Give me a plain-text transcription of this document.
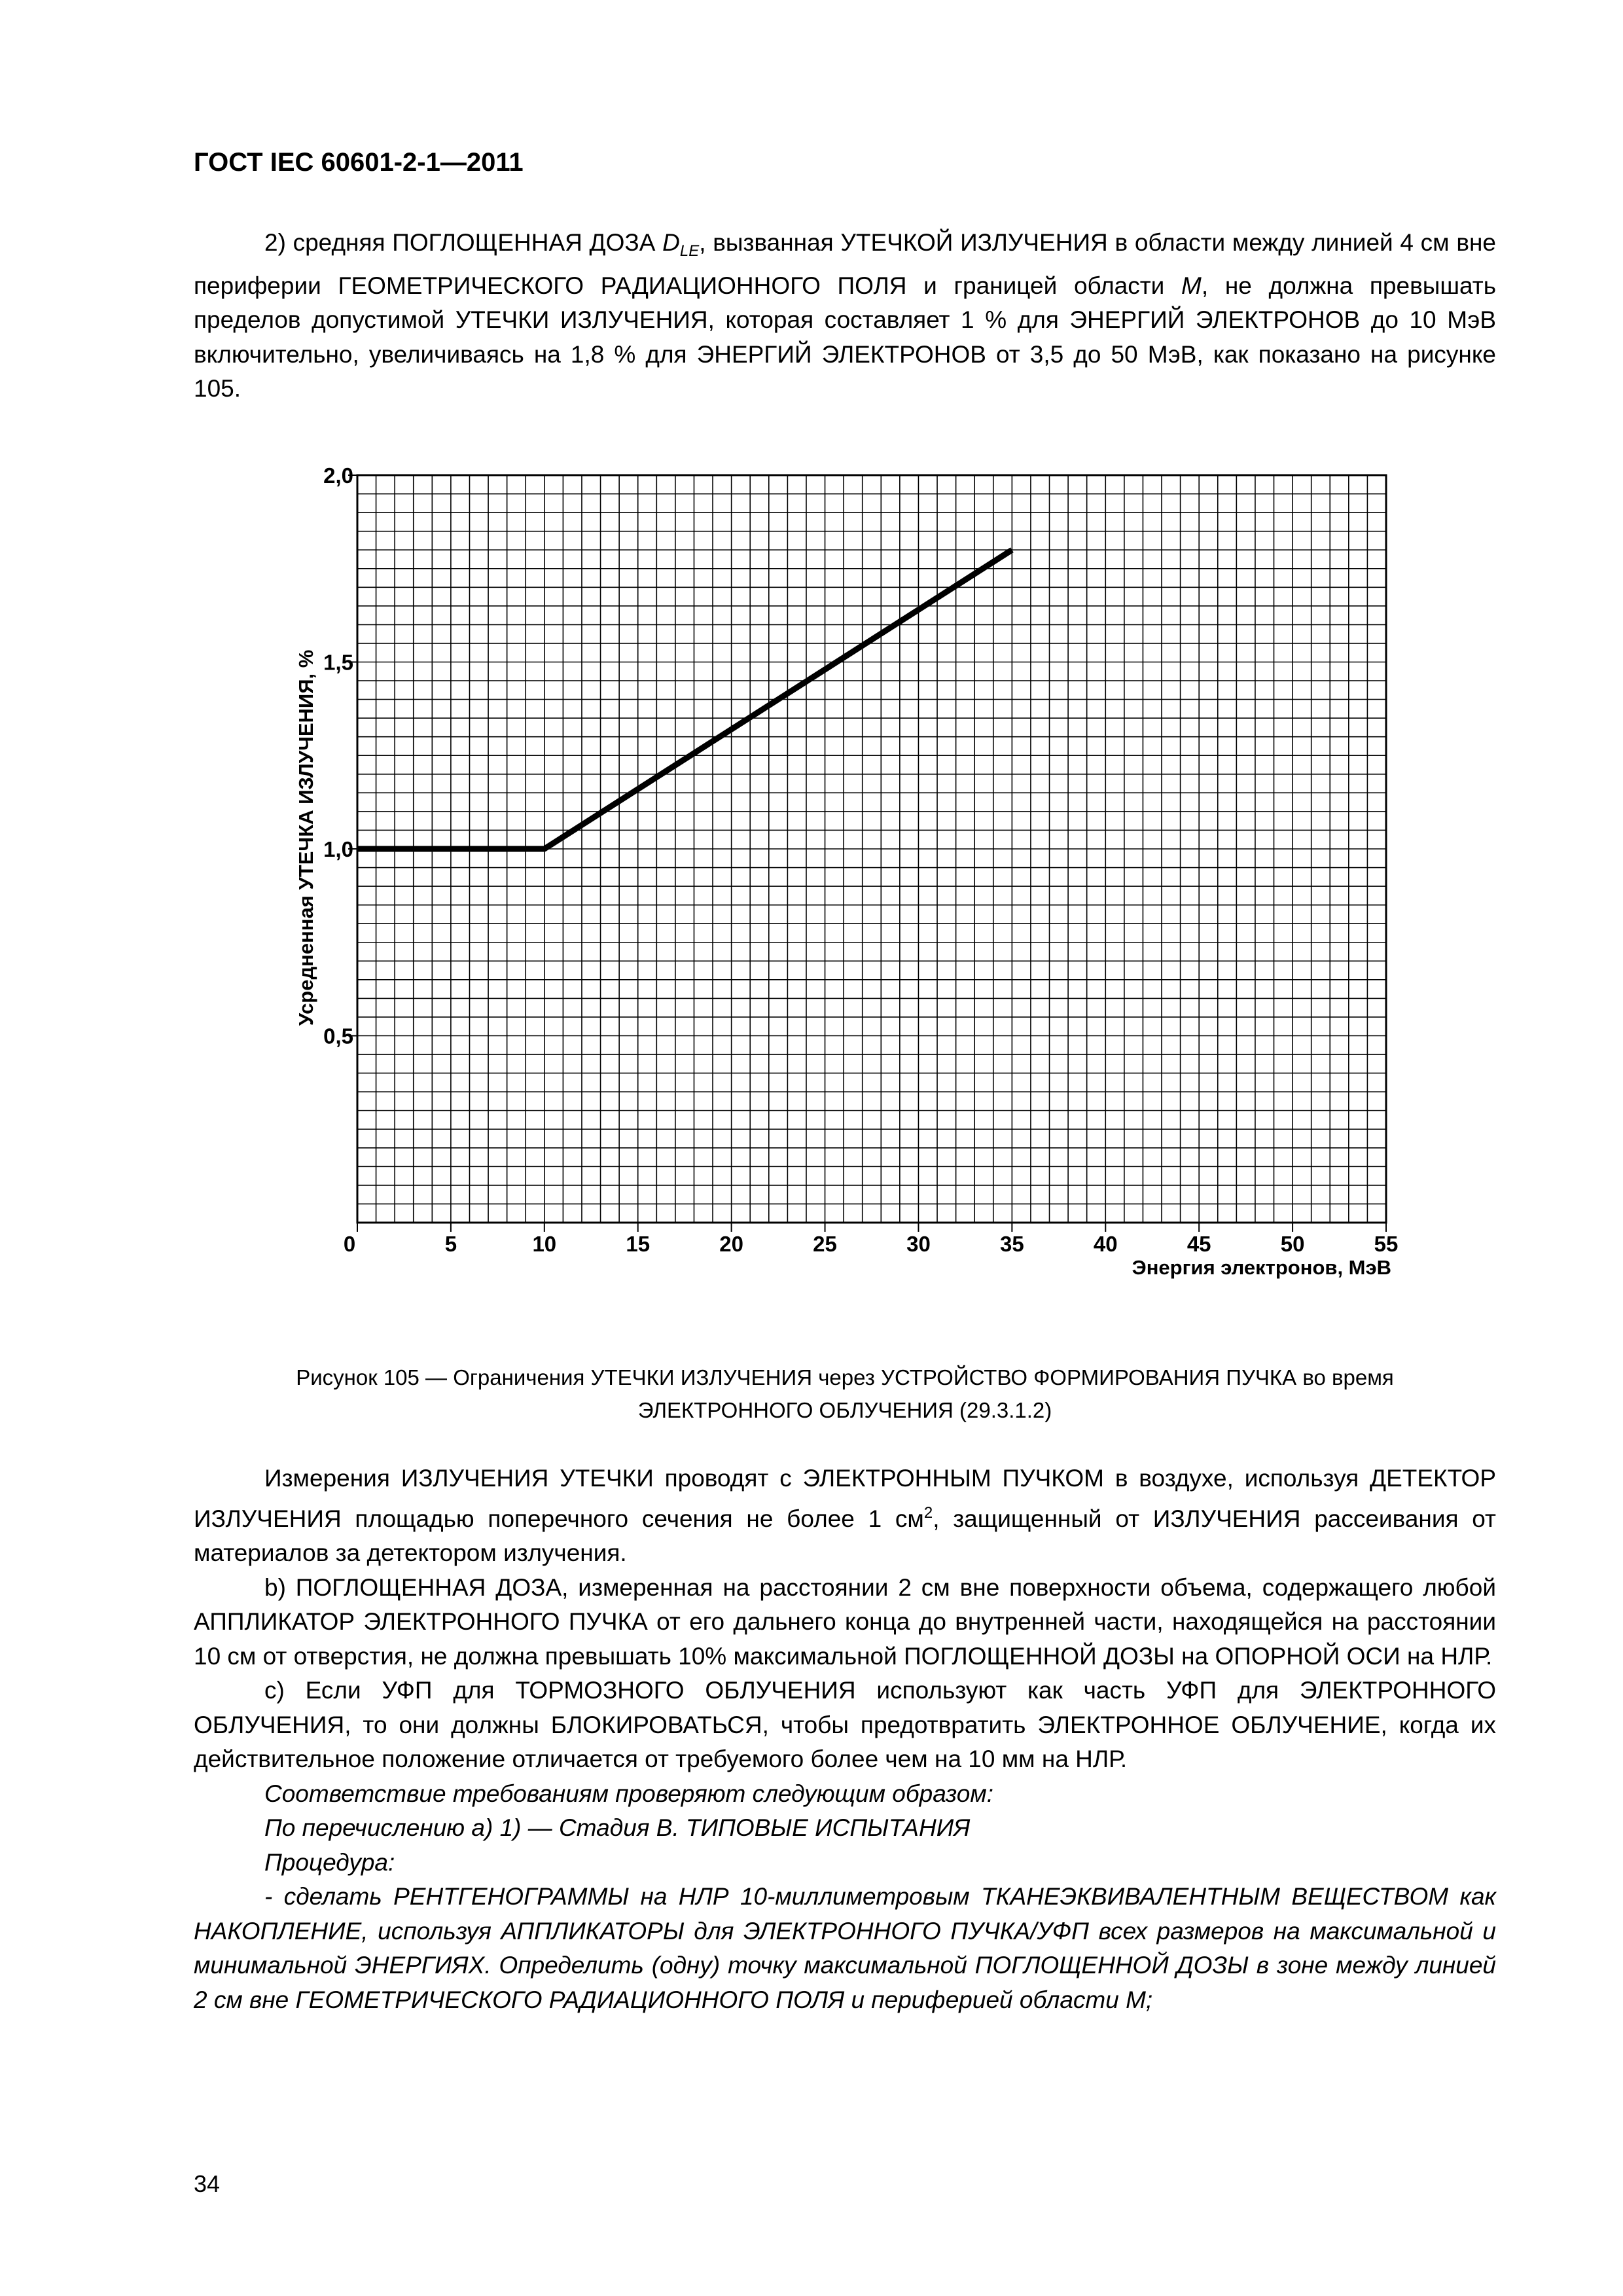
ГОСТ IEC 60601-2-1—2011
2) средняя ПОГЛОЩЕННАЯ ДОЗА $D_{LE}$, вызванная УТЕЧКОЙ ИЗЛУЧЕНИЯ в области между линией 4 см вне периферии ГЕОМЕТРИЧЕСКОГО РАДИАЦИОННОГО ПОЛЯ и границей области M, не должна превышать пределов допустимой УТЕЧКИ ИЗЛУЧЕНИЯ, которая составляет 1 % для ЭНЕРГИЙ ЭЛЕКТРОНОВ до 10 МэВ включительно, увеличиваясь на 1,8 % для ЭНЕРГИЙ ЭЛЕКТРОНОВ от 3,5 до 50 МэВ, как показано на рисунке 105.
0	5	10	15	20	25	30	35	40	45	50	55
0,5
1,0
1,5
2,0
Энергия электронов, МэВ
Усредненная УТЕЧКА ИЗЛУЧЕНИЯ, %
Рисунок 105 — Ограничения УТЕЧКИ ИЗЛУЧЕНИЯ через УСТРОЙСТВО ФОРМИРОВАНИЯ ПУЧКА во время
ЭЛЕКТРОННОГО ОБЛУЧЕНИЯ (29.3.1.2)
Измерения ИЗЛУЧЕНИЯ УТЕЧКИ проводят с ЭЛЕКТРОННЫМ ПУЧКОМ в воздухе, используя ДЕТЕКТОР ИЗЛУЧЕНИЯ площадью поперечного сечения не более 1 $см^2$, защищенный от ИЗЛУЧЕНИЯ рассеивания от материалов за детектором излучения.
b) ПОГЛОЩЕННАЯ ДОЗА, измеренная на расстоянии 2 см вне поверхности объема, содержащего любой АППЛИКАТОР ЭЛЕКТРОННОГО ПУЧКА от его дальнего конца до внутренней части, находящейся на расстоянии 10 см от отверстия, не должна превышать 10% максимальной ПОГЛОЩЕННОЙ ДОЗЫ на ОПОРНОЙ ОСИ на НЛР.
c) Если УФП для ТОРМОЗНОГО ОБЛУЧЕНИЯ используют как часть УФП для ЭЛЕКТРОННОГО ОБЛУЧЕНИЯ, то они должны БЛОКИРОВАТЬСЯ, чтобы предотвратить ЭЛЕКТРОННОЕ ОБЛУЧЕНИЕ, когда их действительное положение отличается от требуемого более чем на 10 мм на НЛР.
Соответствие требованиям проверяют следующим образом:
По перечислению а) 1) — Стадия В. ТИПОВЫЕ ИСПЫТАНИЯ
Процедура:
- сделать РЕНТГЕНОГРАММЫ на НЛР 10-миллиметровым ТКАНЕЭКВИВАЛЕНТНЫМ ВЕЩЕСТВОМ как НАКОПЛЕНИЕ, используя АППЛИКАТОРЫ для ЭЛЕКТРОННОГО ПУЧКА/УФП всех размеров на максимальной и минимальной ЭНЕРГИЯХ. Определить (одну) точку максимальной ПОГЛОЩЕННОЙ ДОЗЫ в зоне между линией 2 см вне ГЕОМЕТРИЧЕСКОГО РАДИАЦИОННОГО ПОЛЯ и периферией области М;
34
